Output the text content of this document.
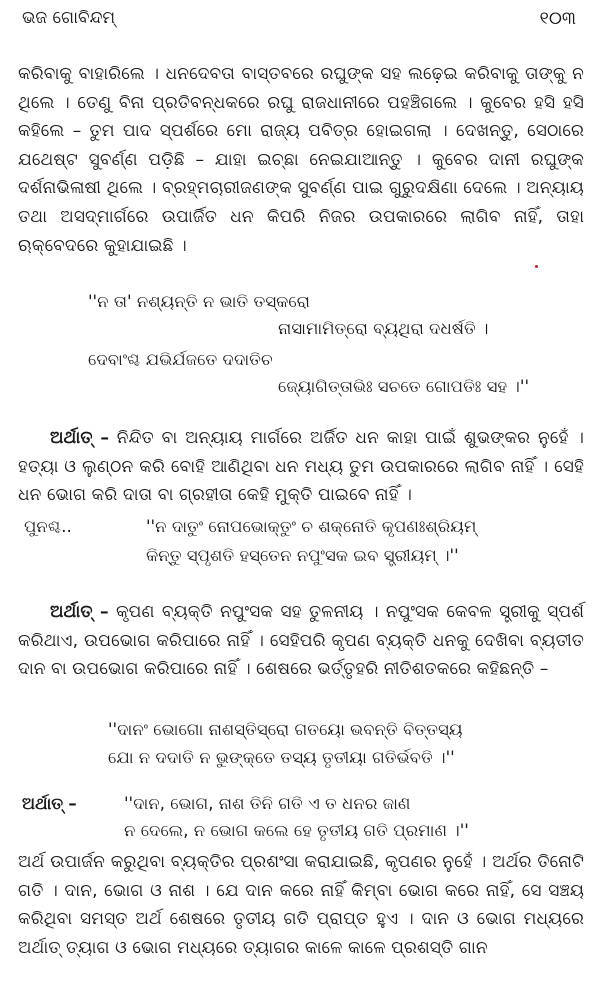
ଭଜ ଗୋବିନ୍ଦମ୍	୧୦୩
କରିବାକୁ ବାହାରିଲେ । ଧନଦେବତା ବାସ୍ତବରେ ରଘୁଙ୍କ ସହ ଲଢ଼େଇ କରିବାକୁ ତାଙ୍କୁ ନ ଥିଲେ । ତେଣୁ ବିନା ପ୍ରତିବନ୍ଧକରେ ରଘୁ ରାଜଧାନୀରେ ପହଞ୍ଚିଗଲେ । କୁବେର ହସି ହସି କହିଲେ – ତୁମ ପାଦ ସ୍ପର୍ଶରେ ମୋ ରାଜ୍ୟ ପବିତ୍ର ହୋଇଗଲା । ଦେଖନ୍ତୁ, ସେଠାରେ ଯଥେଷ୍ଟ ସୁବର୍ଣ୍ଣ ପଡ଼ିଛି – ଯାହା ଇଚ୍ଛା ନେଇଯାଆନ୍ତୁ । କୁବେର ଦାନୀ ରଘୁଙ୍କ ଦର୍ଶନାଭିଳାଷୀ ଥିଲେ । ବ୍ରହ୍ମଚାରୀଜଣଙ୍କ ସୁବର୍ଣ୍ଣ ପାଇ ଗୁରୁଦକ୍ଷିଣା ଦେଲେ । ଅନ୍ୟାୟ ତଥା ଅସଦ୍‌ମାର୍ଗରେ ଉପାର୍ଜିତ ଧନ କିପରି ନିଜର ଉପକାରରେ ଲାଗିବ ନାହିଁ, ତାହା ଋକ୍‌ବେଦରେ କୁହାଯାଇଛି ।
''ନ ତା' ନଶ୍ୟନ୍ତି ନ ଭାତି ତସ୍କରୋ
ନାସାମାମିତ୍ରୋ ବ୍ୟଥିରା ଦଧର୍ଷତି ।
ଦେବାଂଶ୍ଚ ଯଭିର୍ଯଜତେ ଦଦାତିଚ
ଜ୍ୟୋଗିତ୍ତାଭିଃ ସଚତେ ଗୋପତିଃ ସହ ।''
ଅର୍ଥାତ୍ – ନିନ୍ଦିତ ବା ଅନ୍ୟାୟ ମାର୍ଗରେ ଅର୍ଜିତ ଧନ କାହା ପାଇଁ ଶୁଭଙ୍କର ନୁହେଁ । ହତ୍ୟା ଓ ଲୁଣ୍ଠନ କରି ବୋହି ଆଣିଥିବା ଧନ ମଧ୍ୟ ତୁମ ଉପକାରରେ ଲାଗିବ ନାହିଁ । ସେହି ଧନ ଭୋଗ କରି ଦାତା ବା ଗ୍ରହୀତା କେହି ମୁକ୍ତି ପାଇବେ ନାହିଁ ।
ପୁନଶ୍ଚ..	''ନ ଦାତୁଂ ନୋପଭୋକ୍ତୁଂ ଚ ଶକ୍ନୋତି କୃପଣଃଶ୍ରିୟମ୍
କିନ୍ତୁ ସ୍ପୃଶତି ହସ୍ତେନ ନପୁଂସକ ଇବ ସ୍ତ୍ରୀୟମ୍ ।''
ଅର୍ଥାତ୍ – କୃପଣ ବ୍ୟକ୍ତି ନପୁଂସକ ସହ ତୁଳନୀୟ । ନପୁଂସକ କେବଳ ସ୍ତ୍ରୀକୁ ସ୍ପର୍ଶ କରିଥାଏ, ଉପଭୋଗ କରିପାରେ ନାହିଁ । ସେହିପରି କୃପଣ ବ୍ୟକ୍ତି ଧନକୁ ଦେଖିବା ବ୍ୟତୀତ ଦାନ ବା ଉପଭୋଗ କରିପାରେ ନାହିଁ । ଶେଷରେ ଭର୍ତ୍ତୃହରି ନୀତିଶତକରେ କହିଛନ୍ତି –
''ଦାନଂ ଭୋଗୋ ନାଶସ୍ତିସ୍ରୋ ଗତୟୋ ଭବନ୍ତି ବିତ୍ତସ୍ୟ
ଯୋ ନ ଦଦାତି ନ ଭୁଙ୍‌କ୍ତେ ତସ୍ୟ ତୃତୀୟା ଗତିର୍ଭବତି ।''
ଅର୍ଥାତ୍ –	''ଦାନ, ଭୋଗ, ନାଶ ତିନି ଗତି ଏ ତ ଧନର ଜାଣ
ନ ଦେଲେ, ନ ଭୋଗ କଲେ ହେ ତୃତୀୟ ଗତି ପ୍ରମାଣ ।''
ଅର୍ଥ ଉପାର୍ଜନ କରୁଥିବା ବ୍ୟକ୍ତିର ପ୍ରଶଂସା କରାଯାଇଛି, କୃପଣର ନୁହେଁ । ଅର୍ଥର ତିନୋଟି ଗତି । ଦାନ, ଭୋଗ ଓ ନାଶ । ଯେ ଦାନ କରେ ନାହିଁ କିମ୍ବା ଭୋଗ କରେ ନାହିଁ, ସେ ସଞ୍ଚୟ କରିଥିବା ସମସ୍ତ ଅର୍ଥ ଶେଷରେ ତୃତୀୟ ଗତି ପ୍ରାପ୍ତ ହୁଏ । ଦାନ ଓ ଭୋଗ ମଧ୍ୟରେ ଅର୍ଥାତ୍ ତ୍ୟାଗ ଓ ଭୋଗ ମଧ୍ୟରେ ତ୍ୟାଗର କାଳେ କାଳେ ପ୍ରଶସ୍ତି ଗାନ
